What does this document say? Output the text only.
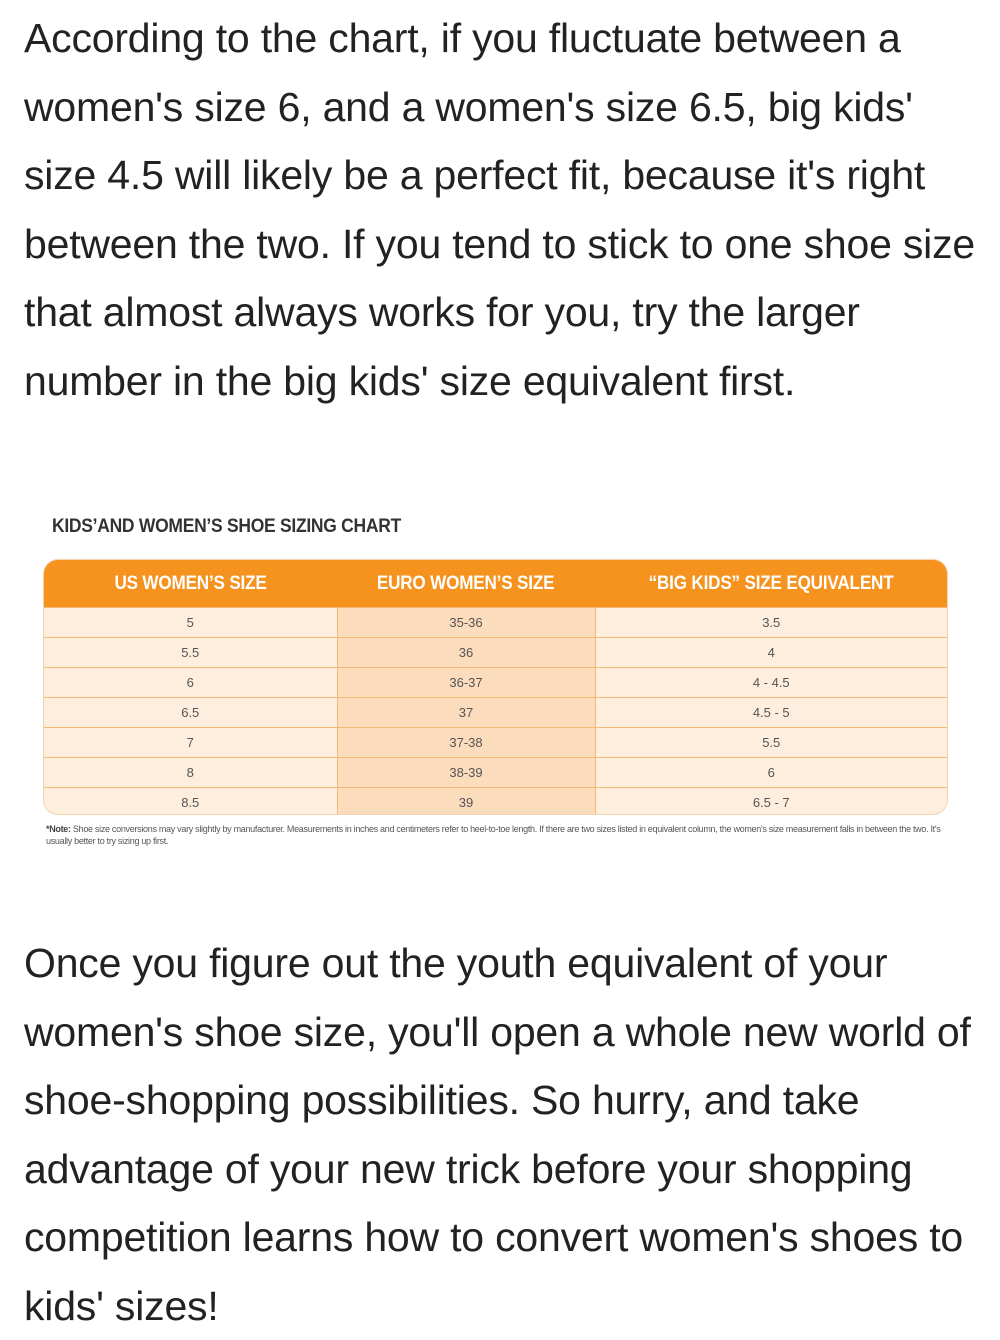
According to the chart, if you fluctuate between a women's size 6, and a women's size 6.5, big kids' size 4.5 will likely be a perfect fit, because it's right between the two. If you tend to stick to one shoe size that almost always works for you, try the larger number in the big kids' size equivalent first.

KIDS’AND WOMEN’S SHOE SIZING CHART
US WOMEN’S SIZE	EURO WOMEN’S SIZE	“BIG KIDS” SIZE EQUIVALENT
5	35-36	3.5
5.5	36	4
6	36-37	4 - 4.5
6.5	37	4.5 - 5
7	37-38	5.5
8	38-39	6
8.5	39	6.5 - 7
*Note: Shoe size conversions may vary slightly by manufacturer. Measurements in inches and centimeters refer to heel-to-toe length. If there are two sizes listed in equivalent column, the women's size measurement falls in between the two. It's usually better to try sizing up first.

Once you figure out the youth equivalent of your women's shoe size, you'll open a whole new world of shoe-shopping possibilities. So hurry, and take advantage of your new trick before your shopping competition learns how to convert women's shoes to kids' sizes!
